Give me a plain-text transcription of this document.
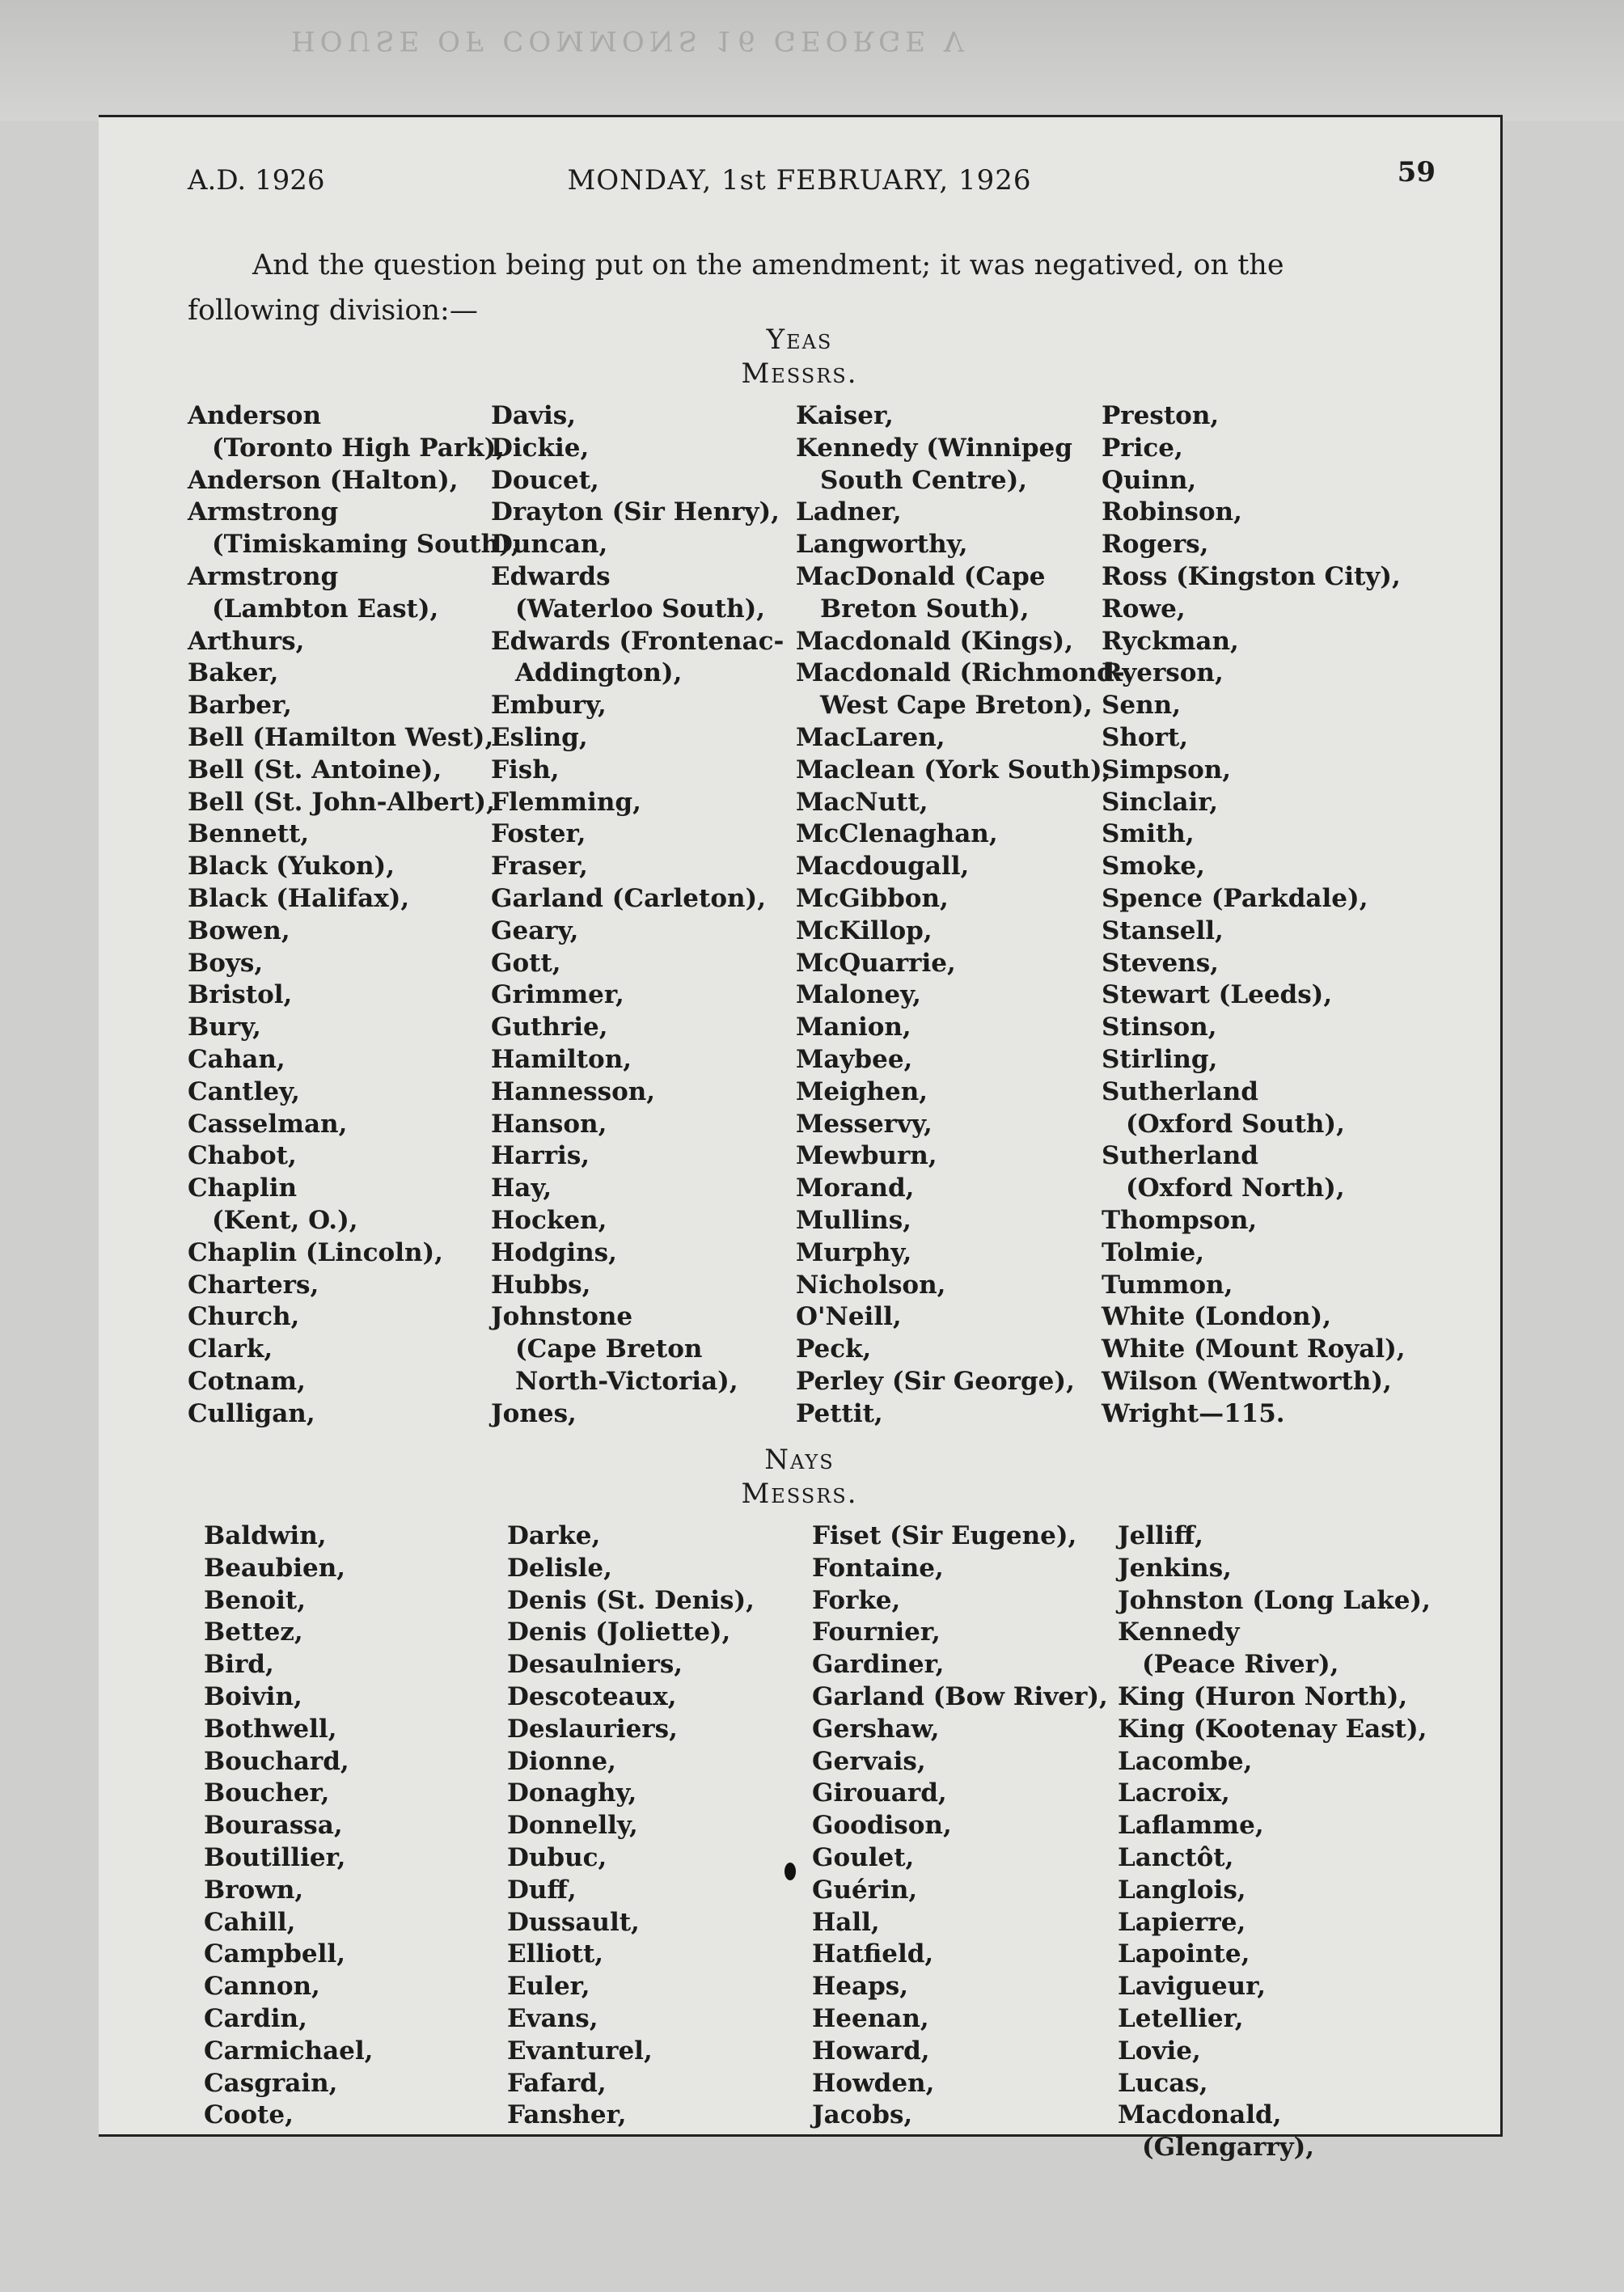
HOUSE OF COMMONS 16 GEORGE V
A.D. 1926	MONDAY, 1st FEBRUARY, 1926	59

And the question being put on the amendment; it was negatived, on the following division:—

Yeas
Messrs.
Anderson
(Toronto High Park),
Anderson (Halton),
Armstrong
(Timiskaming South),
Armstrong
(Lambton East),
Arthurs,
Baker,
Barber,
Bell (Hamilton West),
Bell (St. Antoine),
Bell (St. John-Albert),
Bennett,
Black (Yukon),
Black (Halifax),
Bowen,
Boys,
Bristol,
Bury,
Cahan,
Cantley,
Casselman,
Chabot,
Chaplin
(Kent, O.),
Chaplin (Lincoln),
Charters,
Church,
Clark,
Cotnam,
Culligan,
Davis,
Dickie,
Doucet,
Drayton (Sir Henry),
Duncan,
Edwards
(Waterloo South),
Edwards (Frontenac-
Addington),
Embury,
Esling,
Fish,
Flemming,
Foster,
Fraser,
Garland (Carleton),
Geary,
Gott,
Grimmer,
Guthrie,
Hamilton,
Hannesson,
Hanson,
Harris,
Hay,
Hocken,
Hodgins,
Hubbs,
Johnstone
(Cape Breton
North-Victoria),
Jones,
Kaiser,
Kennedy (Winnipeg
South Centre),
Ladner,
Langworthy,
MacDonald (Cape
Breton South),
Macdonald (Kings),
Macdonald (Richmond-
West Cape Breton),
MacLaren,
Maclean (York South),
MacNutt,
McClenaghan,
Macdougall,
McGibbon,
McKillop,
McQuarrie,
Maloney,
Manion,
Maybee,
Meighen,
Messervy,
Mewburn,
Morand,
Mullins,
Murphy,
Nicholson,
O'Neill,
Peck,
Perley (Sir George),
Pettit,
Preston,
Price,
Quinn,
Robinson,
Rogers,
Ross (Kingston City),
Rowe,
Ryckman,
Ryerson,
Senn,
Short,
Simpson,
Sinclair,
Smith,
Smoke,
Spence (Parkdale),
Stansell,
Stevens,
Stewart (Leeds),
Stinson,
Stirling,
Sutherland
(Oxford South),
Sutherland
(Oxford North),
Thompson,
Tolmie,
Tummon,
White (London),
White (Mount Royal),
Wilson (Wentworth),
Wright—115.
Nays
Messrs.
Baldwin,
Beaubien,
Benoit,
Bettez,
Bird,
Boivin,
Bothwell,
Bouchard,
Boucher,
Bourassa,
Boutillier,
Brown,
Cahill,
Campbell,
Cannon,
Cardin,
Carmichael,
Casgrain,
Coote,
Darke,
Delisle,
Denis (St. Denis),
Denis (Joliette),
Desaulniers,
Descoteaux,
Deslauriers,
Dionne,
Donaghy,
Donnelly,
Dubuc,
Duff,
Dussault,
Elliott,
Euler,
Evans,
Evanturel,
Fafard,
Fansher,
Fiset (Sir Eugene),
Fontaine,
Forke,
Fournier,
Gardiner,
Garland (Bow River),
Gershaw,
Gervais,
Girouard,
Goodison,
Goulet,
Guérin,
Hall,
Hatfield,
Heaps,
Heenan,
Howard,
Howden,
Jacobs,
Jelliff,
Jenkins,
Johnston (Long Lake),
Kennedy
(Peace River),
King (Huron North),
King (Kootenay East),
Lacombe,
Lacroix,
Laflamme,
Lanctôt,
Langlois,
Lapierre,
Lapointe,
Lavigueur,
Letellier,
Lovie,
Lucas,
Macdonald,
(Glengarry),
